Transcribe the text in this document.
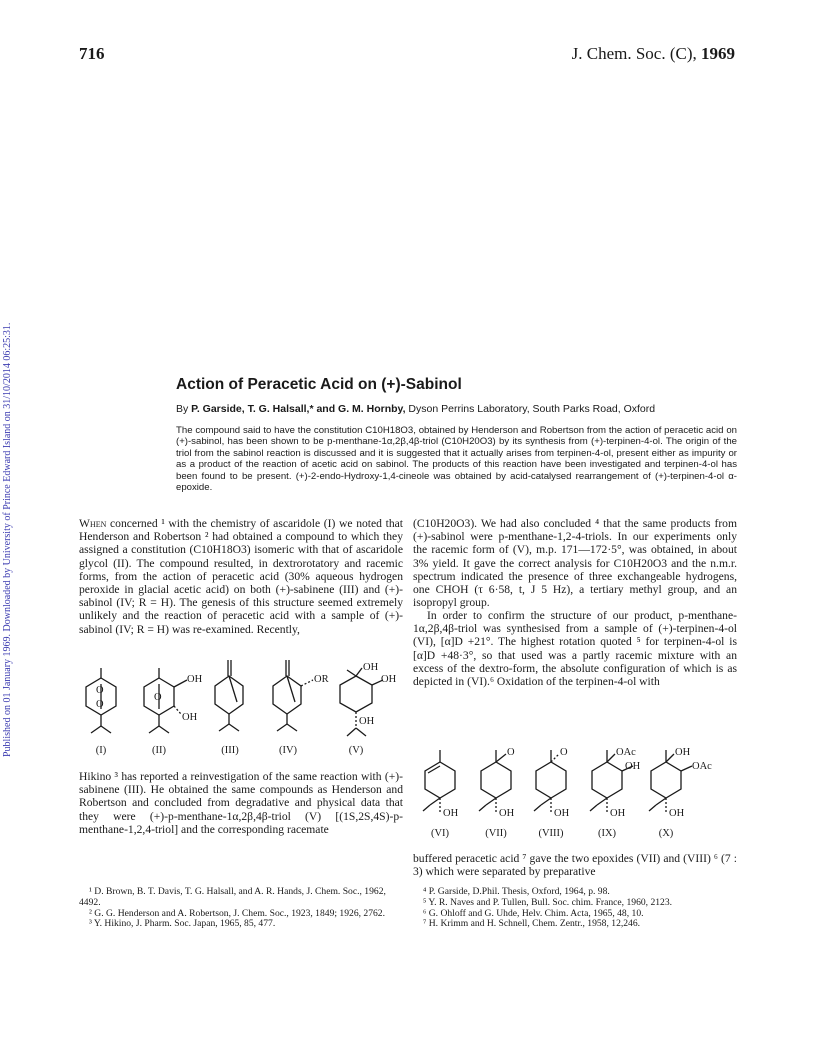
716	J. Chem. Soc. (C), 1969
Published on 01 January 1969. Downloaded by University of Prince Edward Island on 31/10/2014 06:25:31.	Action of Peracetic Acid on (+)-Sabinol
By P. Garside, T. G. Halsall,* and G. M. Hornby, Dyson Perrins Laboratory, South Parks Road, Oxford

The compound said to have the constitution C10H18O3, obtained by Henderson and Robertson from the action of peracetic acid on (+)-sabinol, has been shown to be p-menthane-1α,2β,4β-triol (C10H20O3) by its synthesis from (+)-terpinen-4-ol. The origin of the triol from the sabinol reaction is discussed and it is suggested that it actually arises from terpinen-4-ol, present either as impurity or as a product of the reaction of acetic acid on sabinol. The products of this reaction have been investigated and terpinen-4-ol has been found to be present. (+)-2-endo-Hydroxy-1,4-cineole was obtained by acid-catalysed rearrangement of (+)-terpinen-4-ol α-epoxide.

When concerned ¹ with the chemistry of ascaridole (I) we noted that Henderson and Robertson ² had obtained a compound to which they assigned a constitution (C10H18O3) isomeric with that of ascaridole glycol (II). The compound resulted, in dextrorotatory and racemic forms, from the action of peracetic acid (30% aqueous hydrogen peroxide in glacial acetic acid) on both (+)-sabinene (III) and (+)-sabinol (IV; R = H). The genesis of this structure seemed extremely unlikely and the reaction of peracetic acid with a sample of (+)-sabinol (IV; R = H) was re-examined. Recently,

O
O
O
OH
OH
OR
OH
OH
OH
(I)	(II)	(III)	(IV)	(V)

Hikino ³ has reported a reinvestigation of the same reaction with (+)-sabinene (III). He obtained the same compounds as Henderson and Robertson and concluded from degradative and physical data that they were (+)-p-menthane-1α,2β,4β-triol (V) [(1S,2S,4S)-p-menthane-1,2,4-triol] and the corresponding racemate

(C10H20O3). We had also concluded ⁴ that the same products from (+)-sabinol were p-menthane-1,2-4-triols. In our experiments only the racemic form of (V), m.p. 171—172·5°, was obtained, in about 3% yield. It gave the correct analysis for C10H20O3 and the n.m.r. spectrum indicated the presence of three exchangeable hydrogens, one CHOH (τ 6·58, t, J 5 Hz), a tertiary methyl group, and an isopropyl group.

In order to confirm the structure of our product, p-menthane-1α,2β,4β-triol was synthesised from a sample of (+)-terpinen-4-ol (VI), [α]D +21°. The highest rotation quoted ⁵ for terpinen-4-ol is [α]D +48·3°, so that used was a partly racemic mixture with an excess of the dextro-form, the absolute configuration of which is as depicted in (VI).⁶ Oxidation of the terpinen-4-ol with

O	O	OAc
OH
OH
OAc
OH	OH	OH	OH	OH
(VI)	(VII)	(VIII)	(IX)	(X)

buffered peracetic acid ⁷ gave the two epoxides (VII) and (VIII) ⁶ (7 : 3) which were separated by preparative

¹ D. Brown, B. T. Davis, T. G. Halsall, and A. R. Hands, J. Chem. Soc., 1962, 4492.

² G. G. Henderson and A. Robertson, J. Chem. Soc., 1923, 1849; 1926, 2762.

³ Y. Hikino, J. Pharm. Soc. Japan, 1965, 85, 477.

⁴ P. Garside, D.Phil. Thesis, Oxford, 1964, p. 98.

⁵ Y. R. Naves and P. Tullen, Bull. Soc. chim. France, 1960, 2123.

⁶ G. Ohloff and G. Uhde, Helv. Chim. Acta, 1965, 48, 10.

⁷ H. Krimm and H. Schnell, Chem. Zentr., 1958, 12,246.
